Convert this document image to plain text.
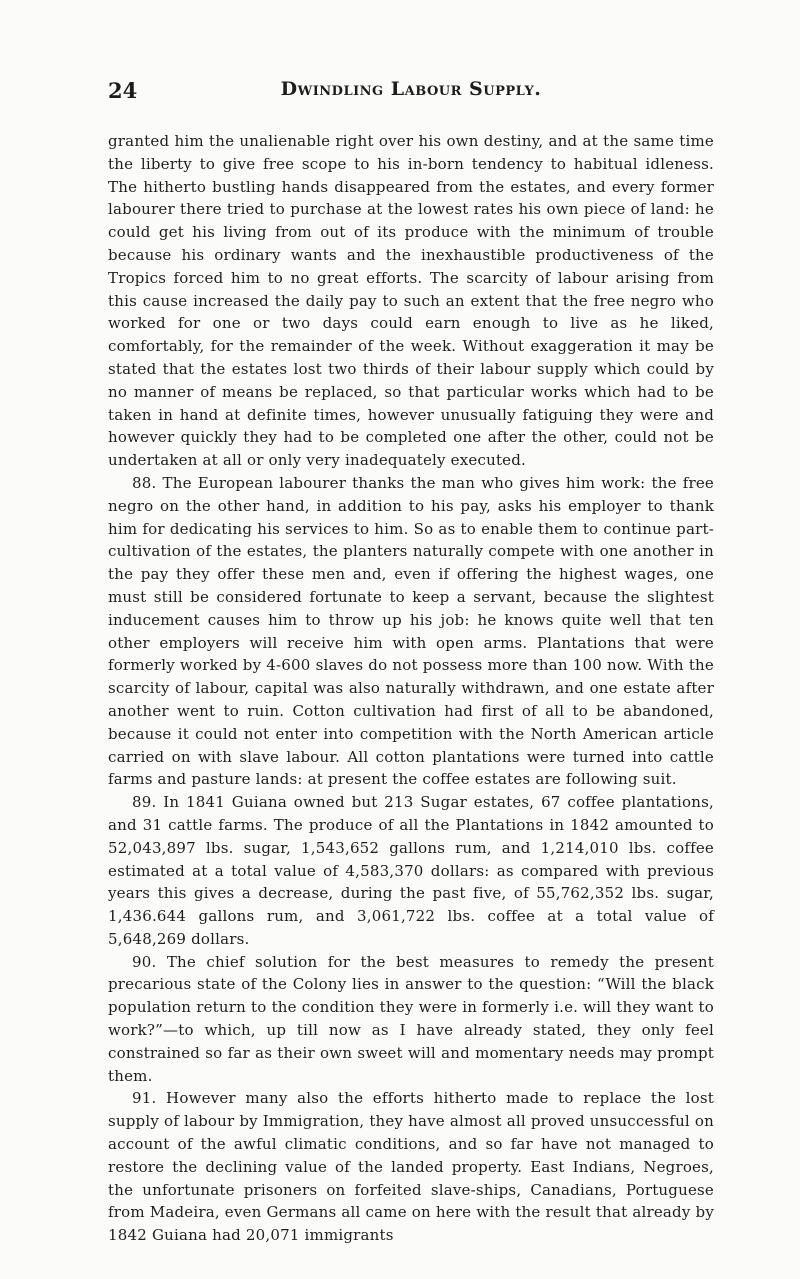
24	Dwindling Labour Supply.

granted him the unalienable right over his own destiny, and at the same time the liberty to give free scope to his in-born tendency to habitual idleness. The hitherto bustling hands disappeared from the estates, and every former labourer there tried to purchase at the lowest rates his own piece of land: he could get his living from out of its produce with the minimum of trouble because his ordinary wants and the inexhaustible productiveness of the Tropics forced him to no great efforts. The scarcity of labour arising from this cause increased the daily pay to such an extent that the free negro who worked for one or two days could earn enough to live as he liked, comfortably, for the remainder of the week. Without exaggeration it may be stated that the estates lost two thirds of their labour supply which could by no manner of means be replaced, so that particular works which had to be taken in hand at definite times, however unusually fatiguing they were and however quickly they had to be completed one after the other, could not be undertaken at all or only very inadequately executed.

88. The European labourer thanks the man who gives him work: the free negro on the other hand, in addition to his pay, asks his employer to thank him for dedicating his services to him. So as to enable them to continue part-cultivation of the estates, the planters naturally compete with one another in the pay they offer these men and, even if offering the highest wages, one must still be considered fortunate to keep a servant, because the slightest inducement causes him to throw up his job: he knows quite well that ten other employers will receive him with open arms. Plantations that were formerly worked by 4-600 slaves do not possess more than 100 now. With the scarcity of labour, capital was also naturally withdrawn, and one estate after another went to ruin. Cotton cultivation had first of all to be abandoned, because it could not enter into competition with the North American article carried on with slave labour. All cotton plantations were turned into cattle farms and pasture lands: at present the coffee estates are following suit.

89. In 1841 Guiana owned but 213 Sugar estates, 67 coffee plantations, and 31 cattle farms. The produce of all the Plantations in 1842 amounted to 52,043,897 lbs. sugar, 1,543,652 gallons rum, and 1,214,010 lbs. coffee estimated at a total value of 4,583,370 dollars: as compared with previous years this gives a decrease, during the past five, of 55,762,352 lbs. sugar, 1,436.644 gallons rum, and 3,061,722 lbs. coffee at a total value of 5,648,269 dollars.

90. The chief solution for the best measures to remedy the present precarious state of the Colony lies in answer to the question: “Will the black population return to the condition they were in formerly i.e. will they want to work?”—to which, up till now as I have already stated, they only feel constrained so far as their own sweet will and momentary needs may prompt them.

91. However many also the efforts hitherto made to replace the lost supply of labour by Immigration, they have almost all proved unsuccessful on account of the awful climatic conditions, and so far have not managed to restore the declining value of the landed property. East Indians, Negroes, the unfortunate prisoners on forfeited slave-ships, Canadians, Portuguese from Madeira, even Germans all came on here with the result that already by 1842 Guiana had 20,071 immigrants
